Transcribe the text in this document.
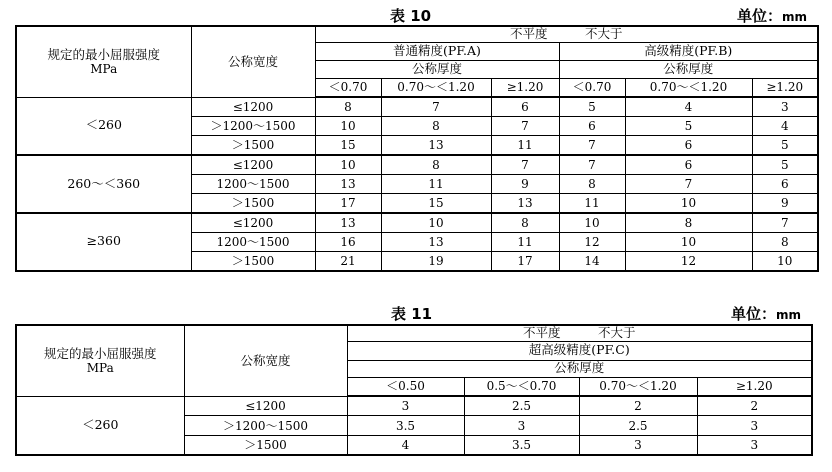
表 10	单位：mm
规定的最小屈服强度
MPa	公称宽度	不平度　　　不大于					
		普通精度(PF.A)			高级精度(PF.B)		
		公称厚度			公称厚度		
		＜0.70	0.70～＜1.20	≥1.20	＜0.70	0.70～＜1.20	≥1.20
＜260	≤1200	8	7	6	5	4	3
	＞1200～1500	10	8	7	6	5	4
	＞1500	15	13	11	7	6	5
260～＜360	≤1200	10	8	7	7	6	5
	1200～1500	13	11	9	8	7	6
	＞1500	17	15	13	11	10	9
≥360	≤1200	13	10	8	10	8	7
	1200～1500	16	13	11	12	10	8
	＞1500	21	19	17	14	12	10
表 11	单位：mm
规定的最小屈服强度
MPa	公称宽度	不平度　　　不大于			
		超高级精度(PF.C)			
		公称厚度			
		＜0.50	0.5～＜0.70	0.70～＜1.20	≥1.20
＜260	≤1200	3	2.5	2	2
	＞1200～1500	3.5	3	2.5	3
	＞1500	4	3.5	3	3
